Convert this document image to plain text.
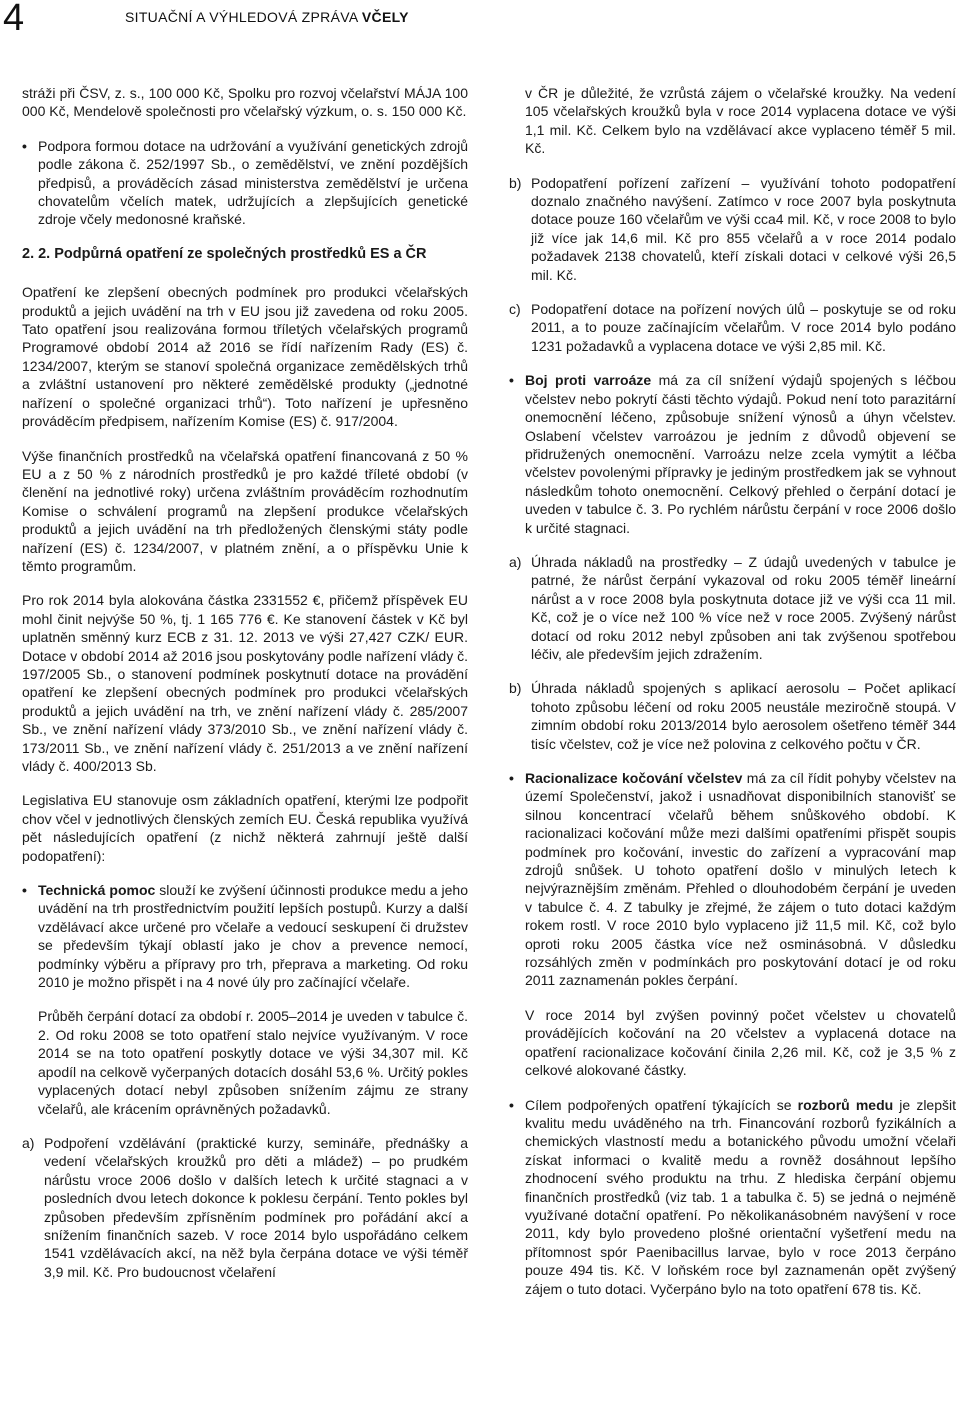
4	SITUAČNÍ A VÝHLEDOVÁ ZPRÁVA VČELY

stráži při ČSV, z. s., 100 000 Kč, Spolku pro rozvoj včelařství MÁJA 100 000 Kč, Mendelově společnosti pro včelařský výzkum, o. s. 150 000 Kč.

• Podpora formou dotace na udržování a využívání genetických zdrojů podle zákona č. 252/1997 Sb., o zemědělství, ve znění pozdějších předpisů, a prováděcích zásad ministerstva zemědělství je určena chovatelům včelích matek, udržujících a zlepšujících genetické zdroje včely medonosné kraňské.
2. 2. Podpůrná opatření ze společných prostředků ES a ČR

Opatření ke zlepšení obecných podmínek pro produkci včelařských produktů a jejich uvádění na trh v EU jsou již zavedena od roku 2005. Tato opatření jsou realizována formou tříletých včelařských programů Programové období 2014 až 2016 se řídí nařízením Rady (ES) č. 1234/2007, kterým se stanoví společná organizace zemědělských trhů a zvláštní ustanovení pro některé zemědělské produkty („jednotné nařízení o společné organizaci trhů“). Toto nařízení je upřesněno prováděcím předpisem, nařízením Komise (ES) č. 917/2004.

Výše finančních prostředků na včelařská opatření financovaná z 50 % EU a z 50 % z národních prostředků je pro každé tříleté období (v členění na jednotlivé roky) určena zvláštním prováděcím rozhodnutím Komise o schválení programů na zlepšení produkce včelařských produktů a jejich uvádění na trh předložených členskými státy podle nařízení (ES) č. 1234/2007, v platném znění, a o příspěvku Unie k těmto programům.

Pro rok 2014 byla alokována částka 2331552 €, přičemž příspěvek EU mohl činit nejvýše 50 %, tj. 1 165 776 €. Ke stanovení částek v Kč byl uplatněn směnný kurz ECB z 31. 12. 2013 ve výši 27,427 CZK/ EUR. Dotace v období 2014 až 2016 jsou poskytovány podle nařízení vlády č. 197/2005 Sb., o stanovení podmínek poskytnutí dotace na provádění opatření ke zlepšení obecných podmínek pro produkci včelařských produktů a jejich uvádění na trh, ve znění nařízení vlády č. 285/2007 Sb., ve znění nařízení vlády 373/2010 Sb., ve znění nařízení vlády č. 173/2011 Sb., ve znění nařízení vlády č. 251/2013 a ve znění nařízení vlády č. 400/2013 Sb.

Legislativa EU stanovuje osm základních opatření, kterými lze podpořit chov včel v jednotlivých členských zemích EU. Česká republika využívá pět následujících opatření (z nichž některá zahrnují ještě další podopatření):

• Technická pomoc slouží ke zvýšení účinnosti produkce medu a jeho uvádění na trh prostřednictvím použití lepších postupů. Kurzy a další vzdělávací akce určené pro včelaře a vedoucí seskupení či družstev se především týkají oblastí jako je chov a prevence nemocí, podmínky výběru a přípravy pro trh, přeprava a marketing. Od roku 2010 je možno přispět i na 4 nové úly pro začínající včelaře.

Průběh čerpání dotací za období r. 2005–2014 je uveden v tabulce č. 2. Od roku 2008 se toto opatření stalo nejvíce využívaným. V roce 2014 se na toto opatření poskytly dotace ve výši 34,307 mil. Kč apodíl na celkově vyčerpaných dotacích dosáhl 53,6 %. Určitý pokles vyplacených dotací nebyl způsoben snížením zájmu ze strany včelařů, ale krácením oprávněných požadavků.

a) Podpoření vzdělávání (praktické kurzy, semináře, přednášky a vedení včelařských kroužků pro děti a mládež) – po prudkém nárůstu vroce 2006 došlo v dalších letech k určité stagnaci a v posledních dvou letech dokonce k poklesu čerpání. Tento pokles byl způsoben především zpřísněním podmínek pro pořádání akcí a snížením finančních sazeb. V roce 2014 bylo uspořádáno celkem 1541 vzdělávacích akcí, na něž byla čerpána dotace ve výši téměř 3,9 mil. Kč. Pro budoucnost včelaření

v ČR je důležité, že vzrůstá zájem o včelařské kroužky. Na vedení 105 včelařských kroužků byla v roce 2014 vyplacena dotace ve výši 1,1 mil. Kč. Celkem bylo na vzdělávací akce vyplaceno téměř 5 mil. Kč.

b) Podopatření pořízení zařízení – využívání tohoto podopatření doznalo značného navýšení. Zatímco v roce 2007 byla poskytnuta dotace pouze 160 včelařům ve výši cca4 mil. Kč, v roce 2008 to bylo již více jak 14,6 mil. Kč pro 855 včelařů a v roce 2014 podalo požadavek 2138 chovatelů, kteří získali dotaci v celkové výši 26,5 mil. Kč.
c) Podopatření dotace na pořízení nových úlů – poskytuje se od roku 2011, a to pouze začínajícím včelařům. V roce 2014 bylo podáno 1231 požadavků a vyplacena dotace ve výši 2,85 mil. Kč.
• Boj proti varroáze má za cíl snížení výdajů spojených s léčbou včelstev nebo pokrytí části těchto výdajů. Pokud není toto parazitární onemocnění léčeno, způsobuje snížení výnosů a úhyn včelstev. Oslabení včelstev varroázou je jedním z důvodů objevení se přidružených onemocnění. Varroázu nelze zcela vymýtit a léčba včelstev povolenými přípravky je jediným prostředkem jak se vyhnout následkům tohoto onemocnění. Celkový přehled o čerpání dotací je uveden v tabulce č. 3. Po rychlém nárůstu čerpání v roce 2006 došlo k určité stagnaci.
a) Úhrada nákladů na prostředky – Z údajů uvedených v tabulce je patrné, že nárůst čerpání vykazoval od roku 2005 téměř lineární nárůst a v roce 2008 byla poskytnuta dotace již ve výši cca 11 mil. Kč, což je o více než 100 % více než v roce 2005. Zvýšený nárůst dotací od roku 2012 nebyl způsoben ani tak zvýšenou spotřebou léčiv, ale především jejich zdražením.
b) Úhrada nákladů spojených s aplikací aerosolu – Počet aplikací tohoto způsobu léčení od roku 2005 neustále meziročně stoupá. V zimním období roku 2013/2014 bylo aerosolem ošetřeno téměř 344 tisíc včelstev, což je více než polovina z celkového počtu v ČR.
• Racionalizace kočování včelstev má za cíl řídit pohyby včelstev na území Společenství, jakož i usnadňovat disponibilních stanovišť se silnou koncentrací včelařů během snůškového období. K racionalizaci kočování může mezi dalšími opatřeními přispět soupis podmínek pro kočování, investic do zařízení a vypracování map zdrojů snůšek. U tohoto opatření došlo v minulých letech k nejvýraznějším změnám. Přehled o dlouhodobém čerpání je uveden v tabulce č. 4. Z tabulky je zřejmé, že zájem o tuto dotaci každým rokem rostl. V roce 2010 bylo vyplaceno již 11,5 mil. Kč, což bylo oproti roku 2005 částka více než osminásobná. V důsledku rozsáhlých změn v podmínkách pro poskytování dotací je od roku 2011 zaznamenán pokles čerpání.

V roce 2014 byl zvýšen povinný počet včelstev u chovatelů provádějících kočování na 20 včelstev a vyplacená dotace na opatření racionalizace kočování činila 2,26 mil. Kč, což je 3,5 % z celkové alokované částky.

• Cílem podpořených opatření týkajících se rozborů medu je zlepšit kvalitu medu uváděného na trh. Financování rozborů fyzikálních a chemických vlastností medu a botanického původu umožní včelaři získat informaci o kvalitě medu a rovněž dosáhnout lepšího zhodnocení svého produktu na trhu. Z hlediska čerpání objemu finančních prostředků (viz tab. 1 a tabulka č. 5) se jedná o nejméně využívané dotační opatření. Po několikanásobném navýšení v roce 2011, kdy bylo provedeno plošné orientační vyšetření medu na přítomnost spór Paenibacillus larvae, bylo v roce 2013 čerpáno pouze 494 tis. Kč. V loňském roce byl zaznamenán opět zvýšený zájem o tuto dotaci. Vyčerpáno bylo na toto opatření 678 tis. Kč.
